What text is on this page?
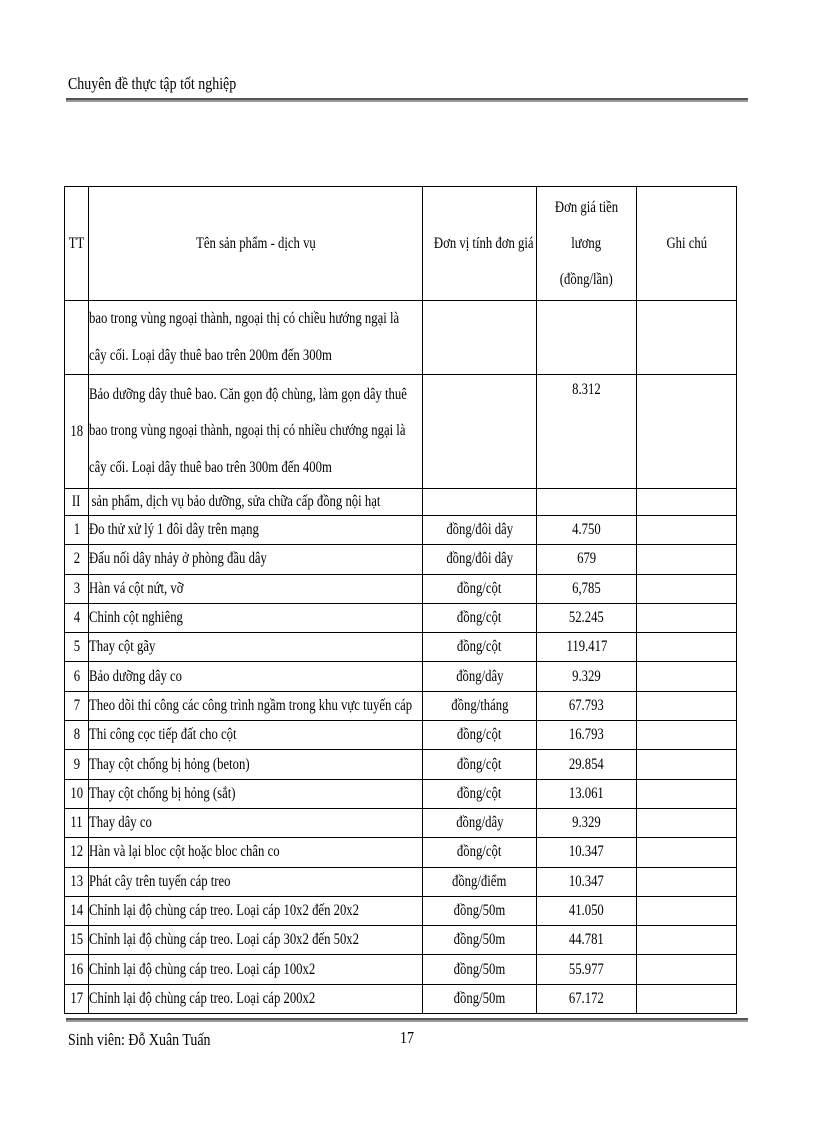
Chuyên đề thực tập tốt nghiệp
TT	Tên sản phẩm - dịch vụ	Đơn vị tính đơn giá	Đơn giá tiền
lương
(đồng/lần)	Ghi chú

	bao trong vùng ngoại thành, ngoại thị có chiều hướng ngại là
cây cối. Loại dây thuê bao trên 200m đến 300m			

18	Bảo dưỡng dây thuê bao. Căn gọn độ chùng, làm gọn dây thuê
bao trong vùng ngoại thành, ngoại thị có nhiều chướng ngại là
cây cối. Loại dây thuê bao trên 300m đến 400m		8.312	
II	sản phẩm, dịch vụ bảo dưỡng, sửa chữa cấp đồng nội hạt			
1	Đo thử xử lý 1 đôi dây trên mạng	đồng/đôi dây	4.750	
2	Đấu nối dây nhảy ở phòng đầu dây	đồng/đôi dây	679	
3	Hàn vá cột nứt, vỡ	đồng/cột	6,785	
4	Chỉnh cột nghiêng	đồng/cột	52.245	
5	Thay cột gãy	đồng/cột	119.417	
6	Bảo dưỡng dây co	đồng/dây	9.329	
7	Theo dõi thi công các công trình ngầm trong khu vực tuyến cáp	đồng/tháng	67.793	
8	Thi công cọc tiếp đất cho cột	đồng/cột	16.793	
9	Thay cột chống bị hỏng (beton)	đồng/cột	29.854	
10	Thay cột chống bị hỏng (sắt)	đồng/cột	13.061	
11	Thay dây co	đồng/dây	9.329	
12	Hàn và lại bloc cột hoặc bloc chân co	đồng/cột	10.347	
13	Phát cây trên tuyến cáp treo	đồng/điểm	10.347	
14	Chỉnh lại độ chùng cáp treo. Loại cáp 10x2 đến 20x2	đồng/50m	41.050	
15	Chỉnh lại độ chùng cáp treo. Loại cáp 30x2 đến 50x2	đồng/50m	44.781	
16	Chỉnh lại độ chùng cáp treo. Loại cáp 100x2	đồng/50m	55.977	
17	Chỉnh lại độ chùng cáp treo. Loại cáp 200x2	đồng/50m	67.172	
Sinh viên: Đỗ Xuân Tuấn	17
